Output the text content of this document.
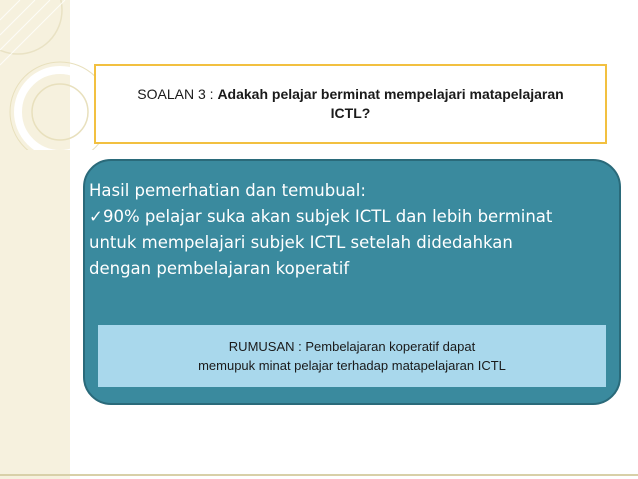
SOALAN 3 : Adakah pelajar berminat mempelajari matapelajaran
ICTL?
Hasil pemerhatian dan temubual:
✓90% pelajar suka akan subjek ICTL dan lebih berminat
untuk mempelajari subjek ICTL setelah didedahkan
dengan pembelajaran koperatif
RUMUSAN : Pembelajaran koperatif dapat
memupuk minat pelajar terhadap matapelajaran ICTL
